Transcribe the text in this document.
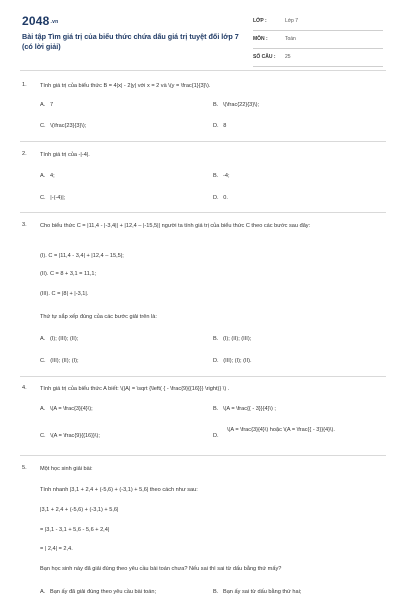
2048.vn
Bài tập Tìm giá trị của biểu thức chứa dấu giá trị tuyệt đối lớp 7 (có lời giải)
LỚP :	Lớp 7
MÔN :	Toán
SỐ CÂU : 25
1. Tính giá trị của biểu thức B = 4|x| - 2|y| với x = 2 và \(y = \frac{1}{3}\).
A. 7	B. \(\frac{22}{3}\);
C. \(\frac{23}{3}\);	D. 8
2. Tính giá trị của -|-4|.
A. 4;	B. -4;
C. |-(-4)|;	D. 0.
3. Cho biểu thức C = |11,4 - |-3,4|| + |12,4 – |-15,5|| người ta tính giá trị của biểu thức C theo các bước sau đây:
(I). C = |11,4 - 3,4| + |12,4 – 15,5|;
(II). C = 8 + 3,1 = 11,1;
(III). C = |8| + |-3,1|.
Thứ tự sắp xếp đúng của các bước giải trên là:
A. (I); (III); (II);	B. (I); (II); (III);
C. (III); (II); (I);	D. (III); (I); (II).
4. Tính giá trị của biểu thức A biết: \(|A| = \sqrt {\left( { - \frac{9}{{16}}} \right)} \) .
A. \(A = \frac{3}{4}\);	B. \(A = \frac{{ - 3}}{4}\) ;
C. \(A = \frac{9}{{16}}\);	D.
\(A = \frac{3}{4}\) hoặc \(A = \frac{{ - 3}}{4}\).
5. Một học sinh giải bài:
Tính nhanh |3,1 + 2,4 + (-5,6) + (-3,1) + 5,6| theo cách như sau:
|3,1 + 2,4 + (-5,6) + (-3,1) + 5,6|
= |3,1 - 3,1 + 5,6 - 5,6 + 2,4|
= | 2,4| = 2,4.
Bạn học sinh này đã giải đúng theo yêu cầu bài toán chưa? Nếu sai thì sai từ dấu bằng thứ mấy?
A. Bạn ấy đã giải đúng theo yêu cầu bài toán;	B. Bạn ấy sai từ dấu bằng thứ hai;
